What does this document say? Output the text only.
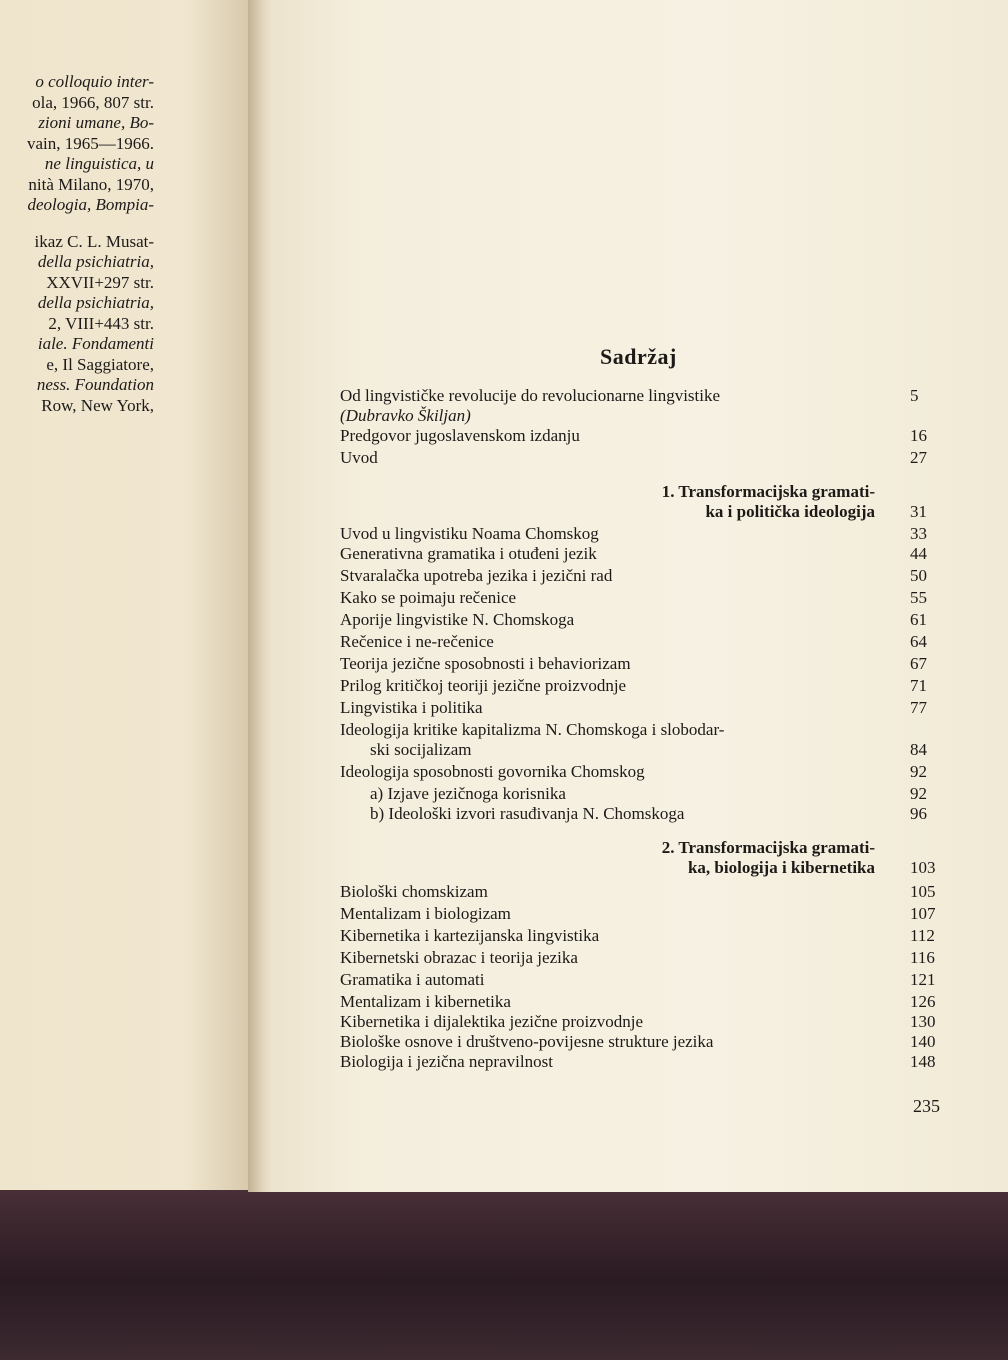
o colloquio inter-
ola, 1966, 807 str.
zioni umane, Bo-
vain, 1965—1966.
ne linguistica, u
nità Milano, 1970,
deologia, Bompia-
ikaz C. L. Musat-
della psichiatria,
XXVII+297 str.
della psichiatria,
2, VIII+443 str.
iale. Fondamenti
e, Il Saggiatore,
ness. Foundation
Row, New York,
Sadržaj
Od lingvističke revolucije do revolucionarne lingvistike	5
(Dubravko Škiljan)
Predgovor jugoslavenskom izdanju	16
Uvod	27
1. Transformacijska gramati-
ka i politička ideologija 31
Uvod u lingvistiku Noama Chomskog	33
Generativna gramatika i otuđeni jezik	44
Stvaralačka upotreba jezika i jezični rad	50
Kako se poimaju rečenice	55
Aporije lingvistike N. Chomskoga	61
Rečenice i ne-rečenice	64
Teorija jezične sposobnosti i behaviorizam	67
Prilog kritičkoj teoriji jezične proizvodnje	71
Lingvistika i politika	77
Ideologija kritike kapitalizma N. Chomskoga i slobodar-
ski socijalizam	84
Ideologija sposobnosti govornika Chomskog	92
a) Izjave jezičnoga korisnika	92
b) Ideološki izvori rasuđivanja N. Chomskoga	96
2. Transformacijska gramati-
ka, biologija i kibernetika 103
Biološki chomskizam	105
Mentalizam i biologizam	107
Kibernetika i kartezijanska lingvistika	112
Kibernetski obrazac i teorija jezika	116
Gramatika i automati	121
Mentalizam i kibernetika	126
Kibernetika i dijalektika jezične proizvodnje	130
Biološke osnove i društveno-povijesne strukture jezika	140
Biologija i jezična nepravilnost	148
235
